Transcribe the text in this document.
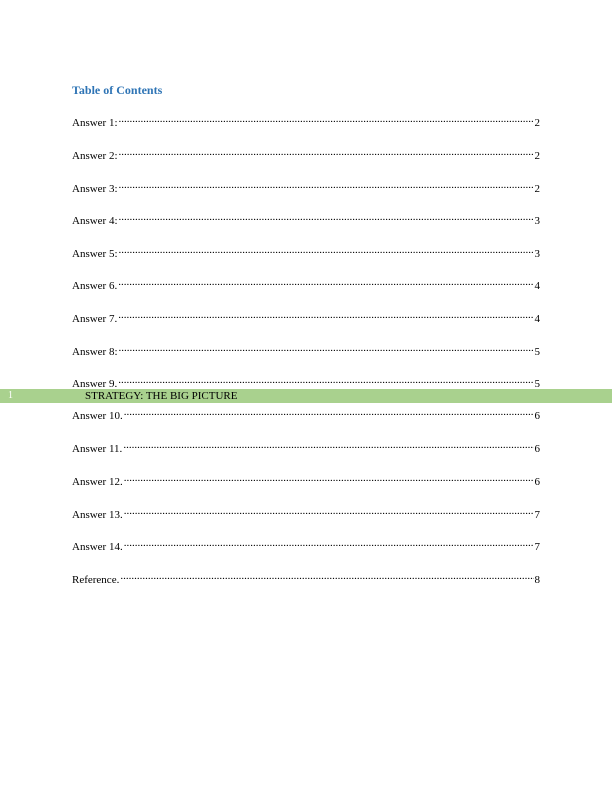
Table of Contents
Answer 1: .....	2
Answer 2: .....	2
Answer 3: .....	2
Answer 4: .....	3
Answer 5: .....	3
Answer 6. .....	4
Answer 7. .....	4
Answer 8: .....	5
Answer 9. .....	5
Answer 10. .....	6
Answer 11. .....	6
Answer 12. .....	6
Answer 13. .....	7
Answer 14. .....	7
Reference. .....	8
1	STRATEGY: THE BIG PICTURE
